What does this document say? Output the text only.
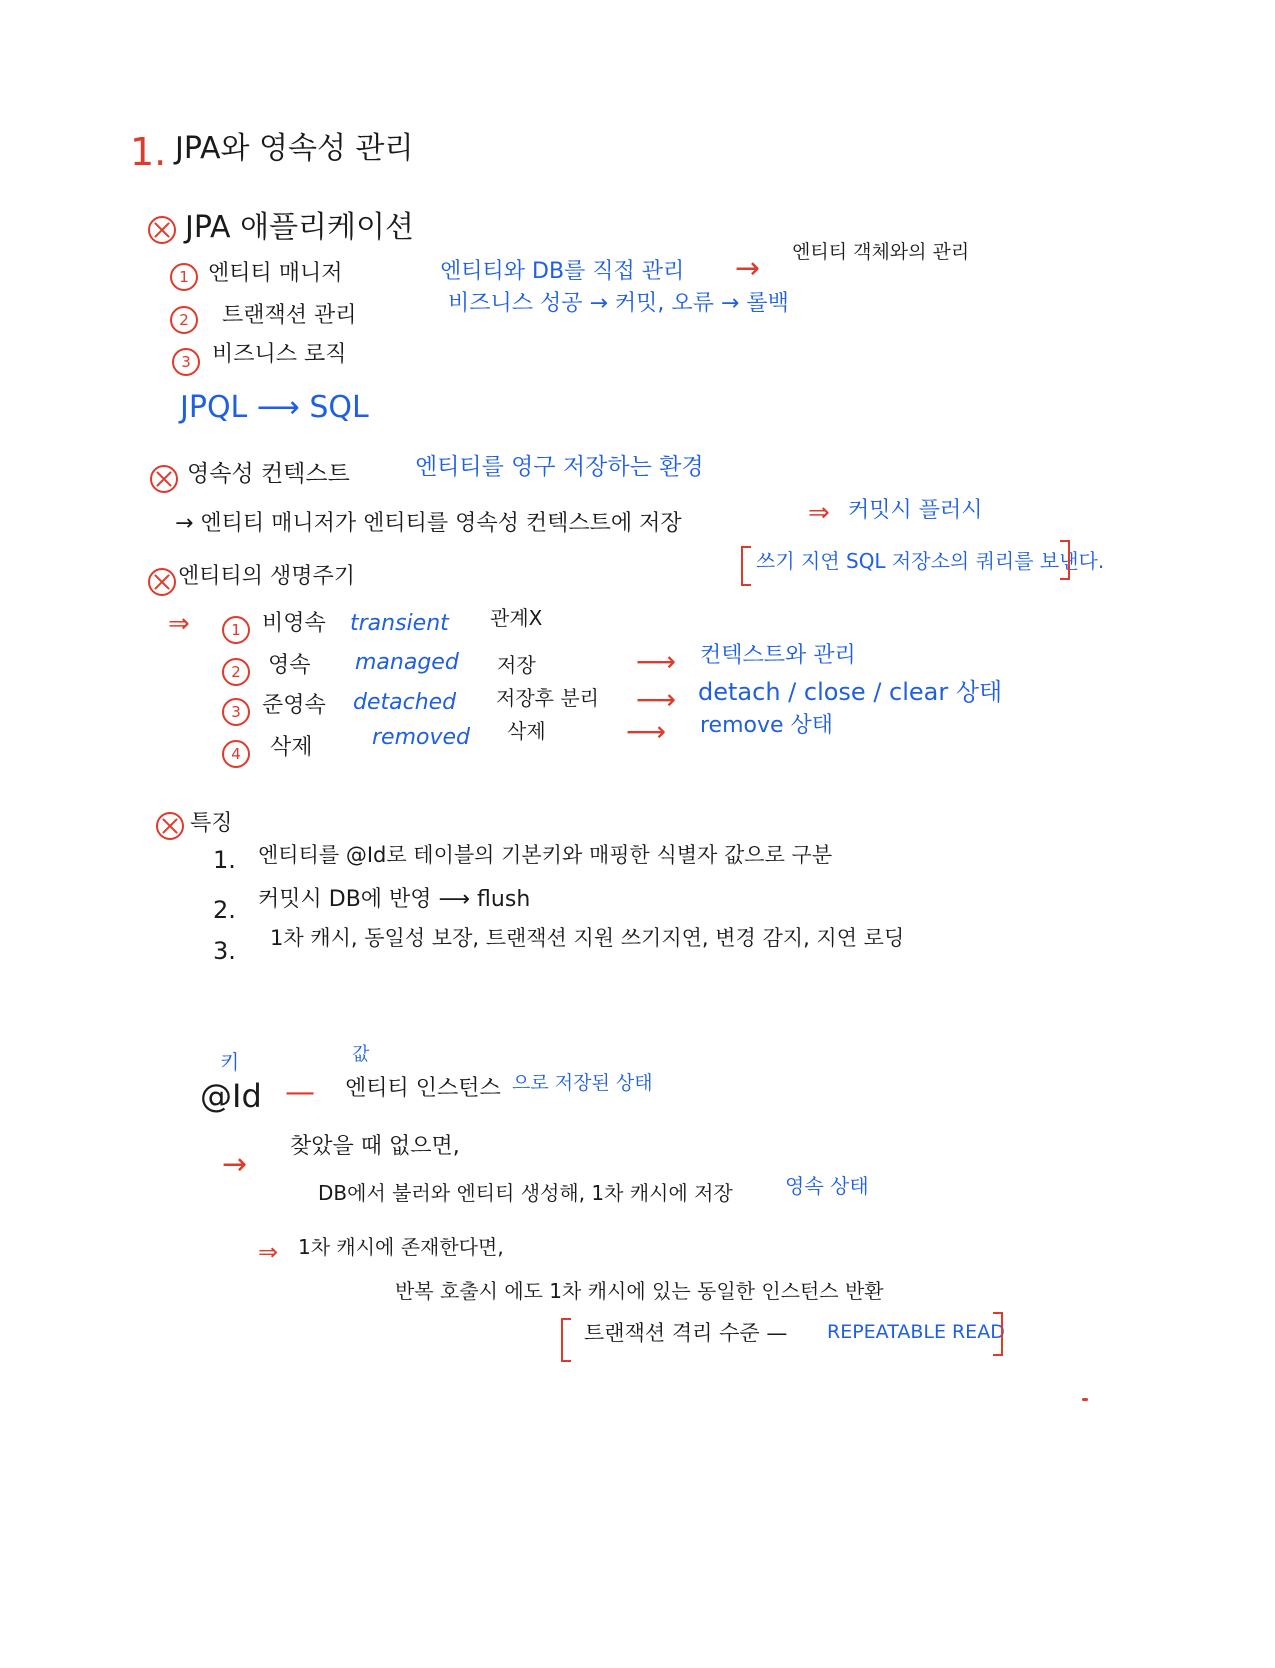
1. JPA와 영속성 관리
JPA 애플리케이션
1 엔티티 매니저	엔티티와 DB를 직접 관리 → 엔티티 객체와의 관리
2	트랜잭션 관리	비즈니스 성공 → 커밋, 오류 → 롤백
3 비즈니스 로직
JPQL ⟶ SQL
영속성 컨텍스트	엔티티를 영구 저장하는 환경
→ 엔티티 매니저가 엔티티를 영속성 컨텍스트에 저장	⇒ 커밋시 플러시
쓰기 지연 SQL 저장소의 쿼리를 보낸다.
엔티티의 생명주기
⇒	1 비영속 transient 관계X
2	영속 managed 저장	⟶ 컨텍스트와 관리
3 준영속 detached 저장후 분리 ⟶ detach / close / clear 상태
4	삭제	removed 삭제	⟶ remove 상태
특징
1. 엔티티를 @Id로 테이블의 기본키와 매핑한 식별자 값으로 구분
2. 커밋시 DB에 반영 ⟶ flush
3. 1차 캐시, 동일성 보장, 트랜잭션 지원 쓰기지연, 변경 감지, 지연 로딩
키	값
@Id — 엔티티 인스턴스 으로 저장된 상태
→
찾았을 때 없으면,
DB에서 불러와 엔티티 생성해, 1차 캐시에 저장	영속 상태
⇒ 1차 캐시에 존재한다면,
반복 호출시 에도 1차 캐시에 있는 동일한 인스턴스 반환
트랜잭션 격리 수준 — REPEATABLE READ
